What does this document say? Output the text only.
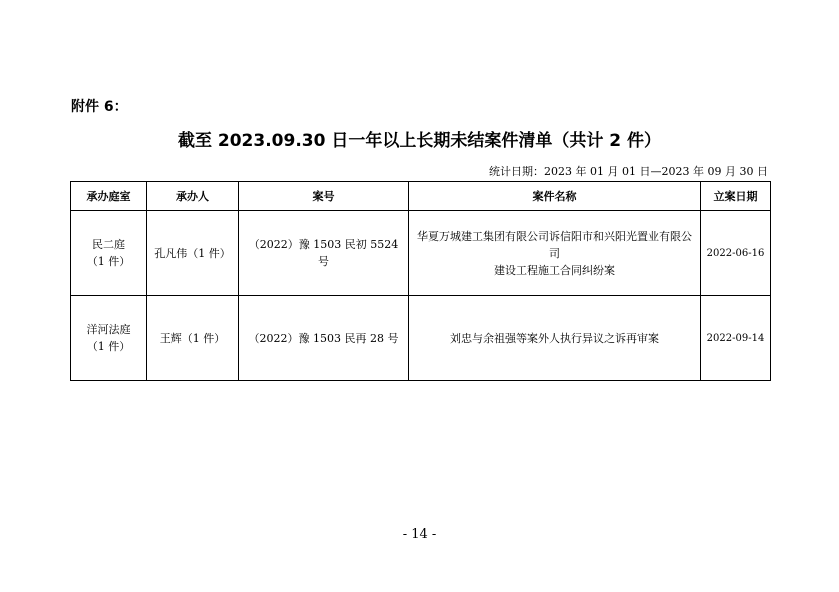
附件 6：
截至 2023.09.30 日一年以上长期未结案件清单（共计 2 件）
统计日期：2023 年 01 月 01 日—2023 年 09 月 30 日
承办庭室	承办人	案号	案件名称	立案日期

民二庭
（1 件）	孔凡伟（1 件）	（2022）豫 1503 民初 5524 号	华夏万城建工集团有限公司诉信阳市和兴阳光置业有限公司
建设工程施工合同纠纷案	2022-06-16

洋河法庭
（1 件）	王辉（1 件）	（2022）豫 1503 民再 28 号	刘忠与余祖强等案外人执行异议之诉再审案	2022-09-14
- 14 -
